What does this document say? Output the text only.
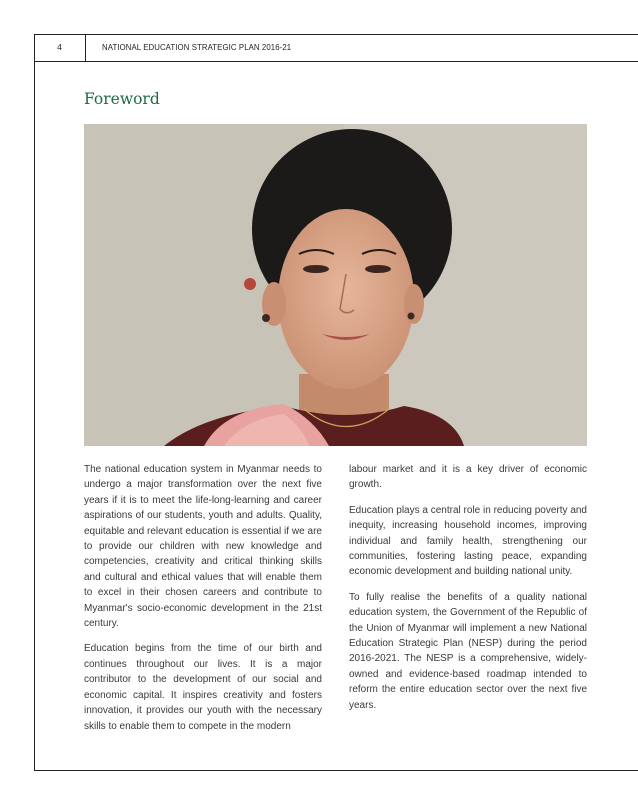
4	NATIONAL EDUCATION STRATEGIC PLAN 2016-21
Foreword

The national education system in Myanmar needs to undergo a major transformation over the next five years if it is to meet the life-long-learning and career aspirations of our students, youth and adults. Quality, equitable and relevant education is essential if we are to provide our children with new knowledge and competencies, creativity and critical thinking skills and cultural and ethical values that will enable them to excel in their chosen careers and contribute to Myanmar's socio-economic development in the 21st century.

Education begins from the time of our birth and continues throughout our lives. It is a major contributor to the development of our social and economic capital. It inspires creativity and fosters innovation, it provides our youth with the necessary skills to enable them to compete in the modern

labour market and it is a key driver of economic growth.

Education plays a central role in reducing poverty and inequity, increasing household incomes, improving individual and family health, strengthening our communities, fostering lasting peace, expanding economic development and building national unity.

To fully realise the benefits of a quality national education system, the Government of the Republic of the Union of Myanmar will implement a new National Education Strategic Plan (NESP) during the period 2016-2021. The NESP is a comprehensive, widely-owned and evidence-based roadmap intended to reform the entire education sector over the next five years.
